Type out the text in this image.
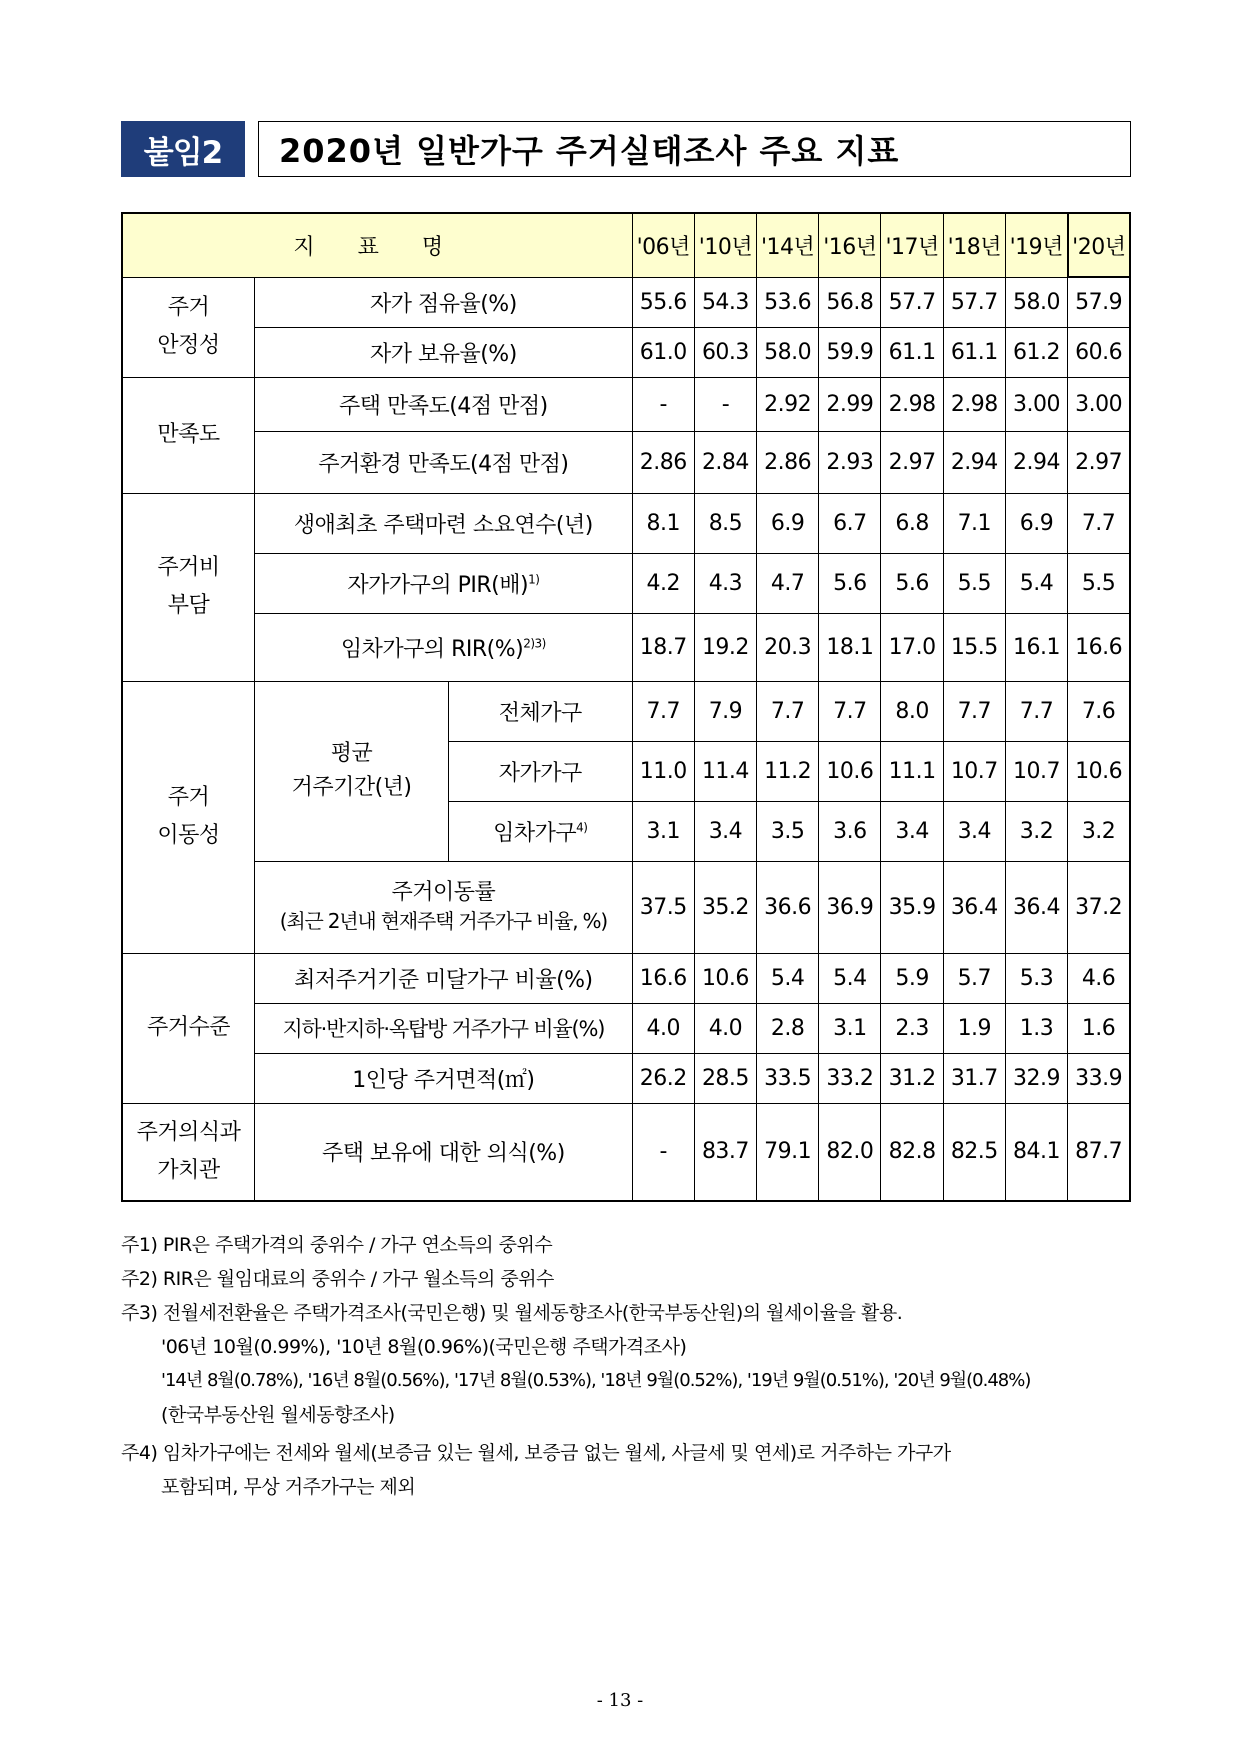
붙임2	2020년 일반가구 주거실태조사 주요 지표
지 표 명			'06년	'10년	'14년	'16년	'17년	'18년	'19년	'20년
주거
안정성	자가 점유율(%)		55.6	54.3	53.6	56.8	57.7	57.7	58.0	57.9
	자가 보유율(%)		61.0	60.3	58.0	59.9	61.1	61.1	61.2	60.6
만족도	주택 만족도(4점 만점)		-	-	2.92	2.99	2.98	2.98	3.00	3.00
	주거환경 만족도(4점 만점)		2.86	2.84	2.86	2.93	2.97	2.94	2.94	2.97
주거비
부담	생애최초 주택마련 소요연수(년)		8.1	8.5	6.9	6.7	6.8	7.1	6.9	7.7
	자가가구의 PIR(배)$^{1)}$		4.2	4.3	4.7	5.6	5.6	5.5	5.4	5.5
	임차가구의 RIR(%)$^{2)3)}$		18.7	19.2	20.3	18.1	17.0	15.5	16.1	16.6
주거
이동성	평균
거주기간(년)	전체가구	7.7	7.9	7.7	7.7	8.0	7.7	7.7	7.6
		자가가구	11.0	11.4	11.2	10.6	11.1	10.7	10.7	10.6
		임차가구$^{4)}$	3.1	3.4	3.5	3.6	3.4	3.4	3.2	3.2

	주거이동률
(최근 2년내 현재주택 거주가구 비율, %)		37.5	35.2	36.6	36.9	35.9	36.4	36.4	37.2
주거수준	최저주거기준 미달가구 비율(%)		16.6	10.6	5.4	5.4	5.9	5.7	5.3	4.6
	지하·반지하·옥탑방 거주가구 비율(%)		4.0	4.0	2.8	3.1	2.3	1.9	1.3	1.6
	1인당 주거면적(㎡)		26.2	28.5	33.5	33.2	31.2	31.7	32.9	33.9
주거의식과
가치관	주택 보유에 대한 의식(%)		-	83.7	79.1	82.0	82.8	82.5	84.1	87.7
주1) PIR은 주택가격의 중위수 / 가구 연소득의 중위수
주2) RIR은 월임대료의 중위수 / 가구 월소득의 중위수
주3) 전월세전환율은 주택가격조사(국민은행) 및 월세동향조사(한국부동산원)의 월세이율을 활용.
'06년 10월(0.99%), '10년 8월(0.96%)(국민은행 주택가격조사)
'14년 8월(0.78%), '16년 8월(0.56%), '17년 8월(0.53%), '18년 9월(0.52%), '19년 9월(0.51%), '20년 9월(0.48%)
(한국부동산원 월세동향조사)
주4) 임차가구에는 전세와 월세(보증금 있는 월세, 보증금 없는 월세, 사글세 및 연세)로 거주하는 가구가
포함되며, 무상 거주가구는 제외
- 13 -
